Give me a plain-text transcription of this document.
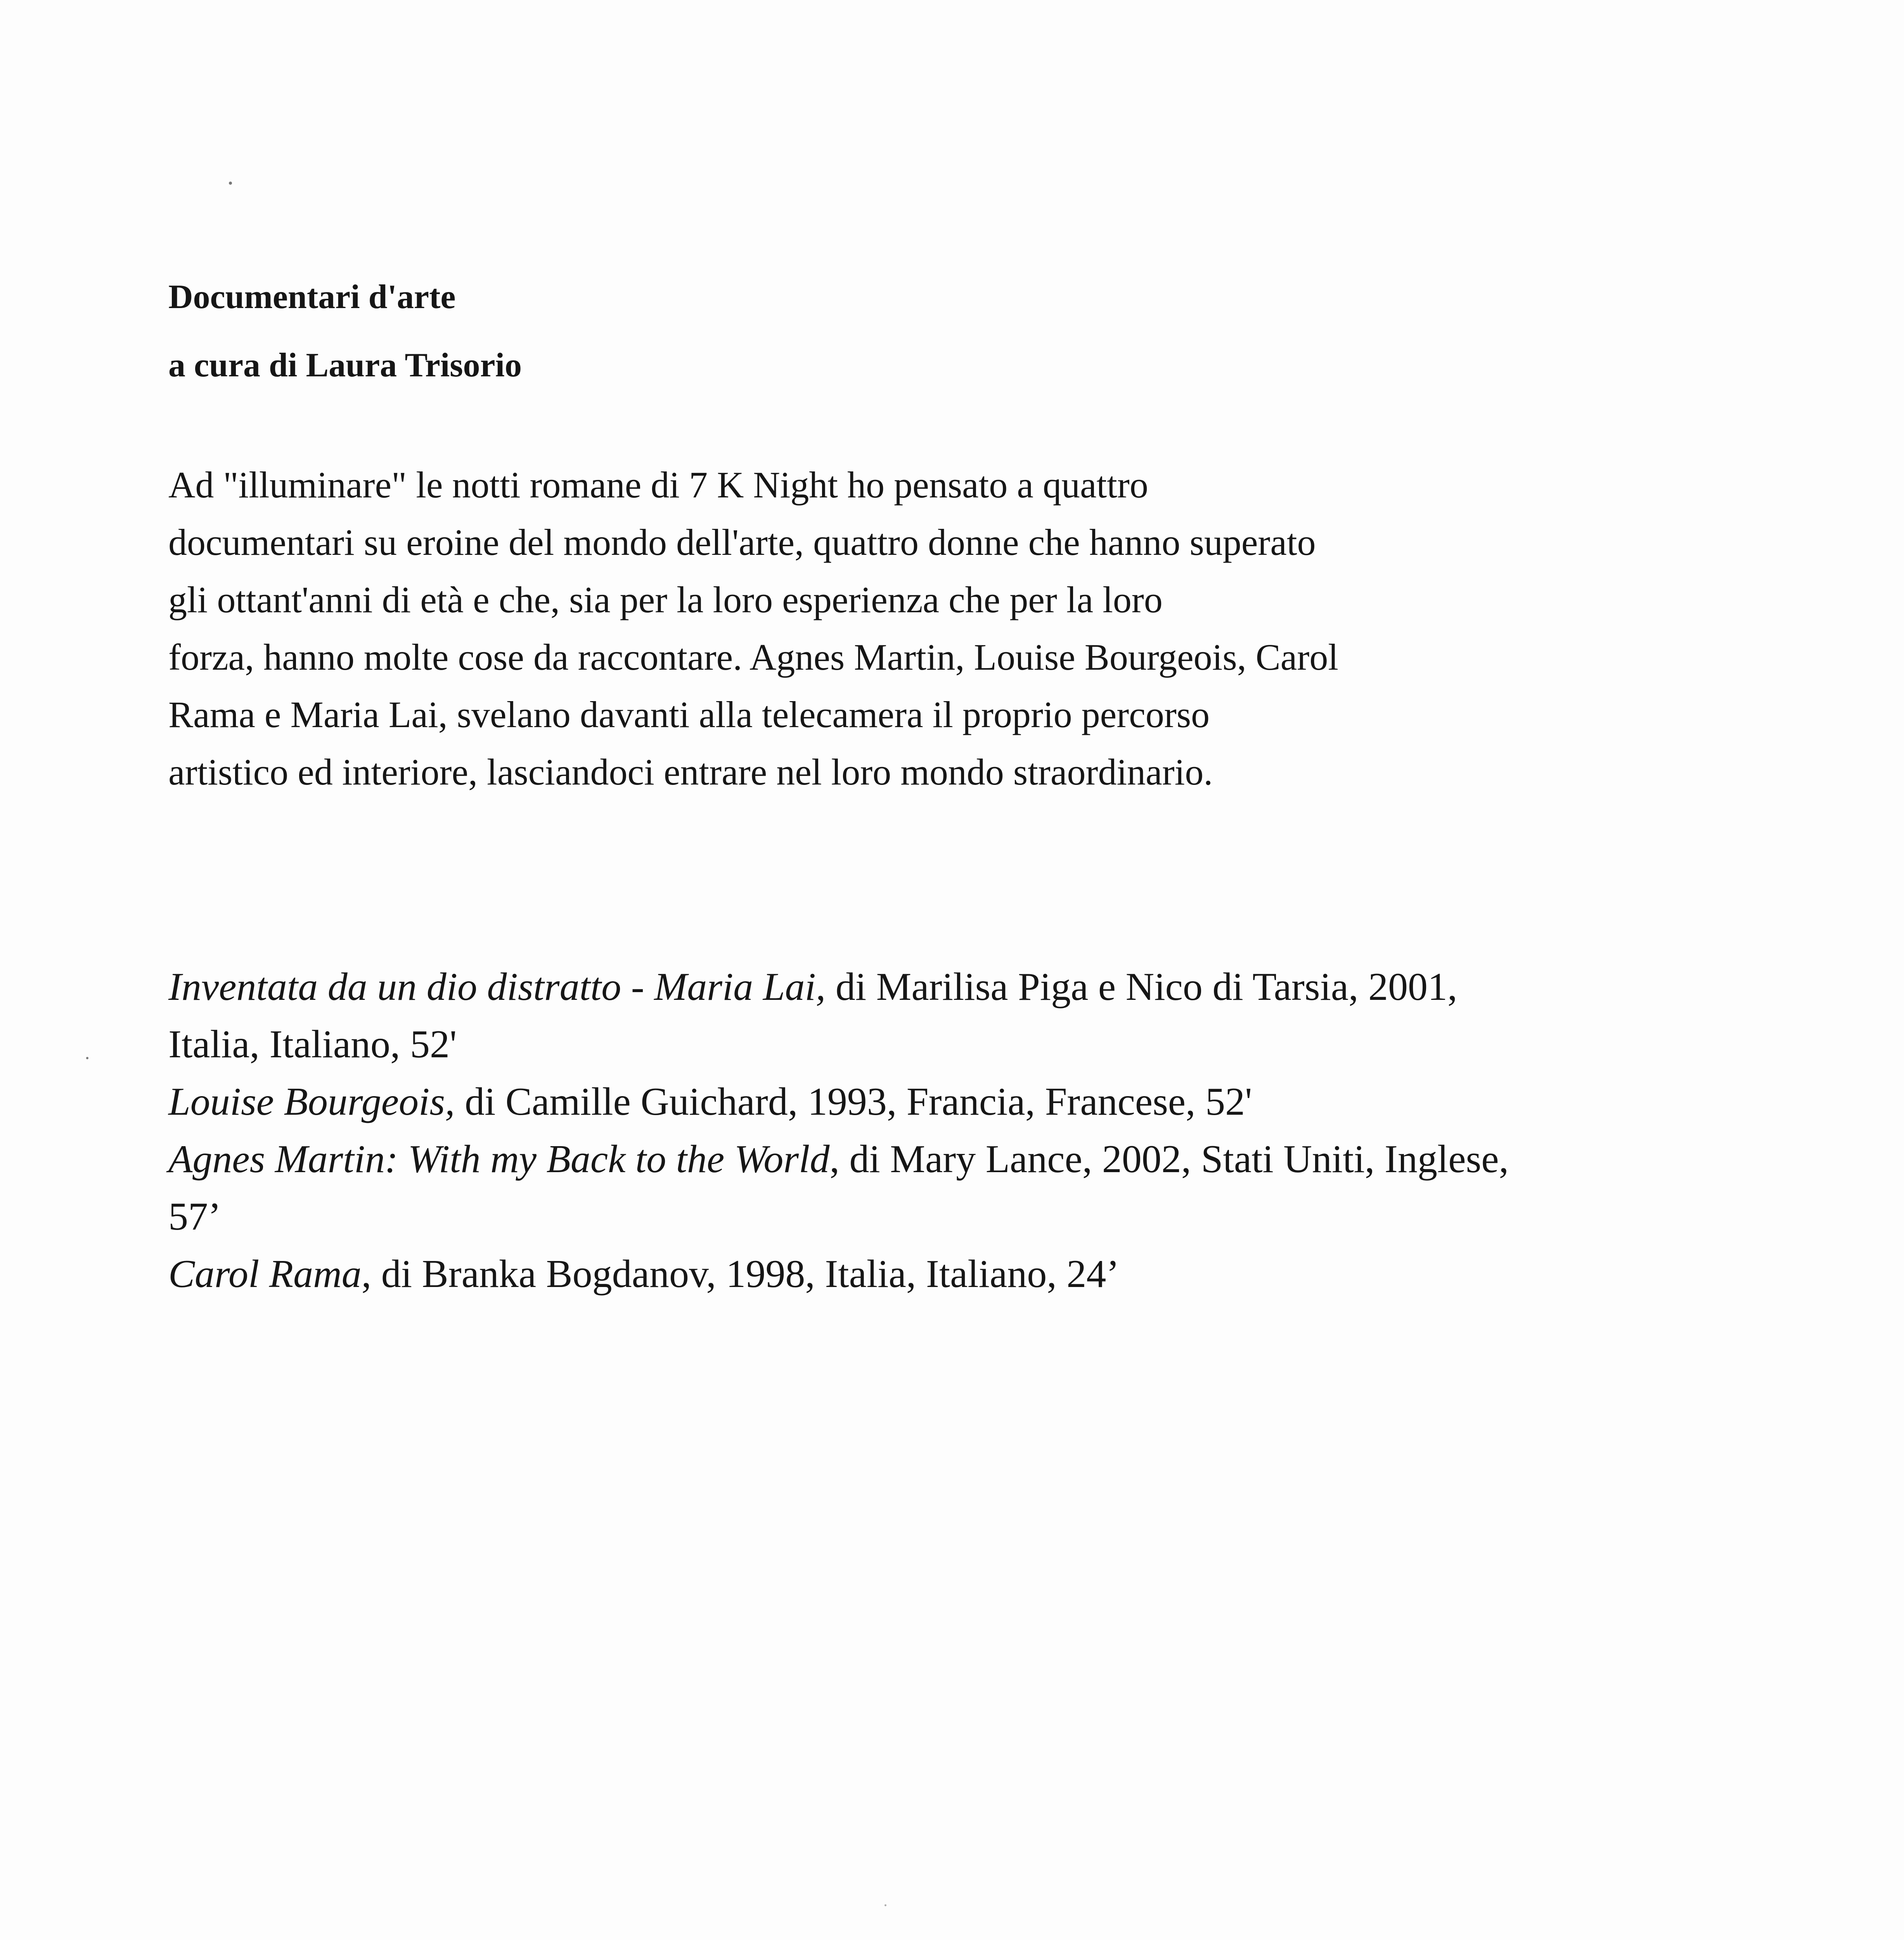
Documentari d'arte
a cura di Laura Trisorio
Ad "illuminare" le notti romane di 7 K Night ho pensato a quattro
documentari su eroine del mondo dell'arte, quattro donne che hanno superato
gli ottant'anni di età e che, sia per la loro esperienza che per la loro
forza, hanno molte cose da raccontare. Agnes Martin, Louise Bourgeois, Carol
Rama e Maria Lai, svelano davanti alla telecamera il proprio percorso
artistico ed interiore, lasciandoci entrare nel loro mondo straordinario.
Inventata da un dio distratto - Maria Lai, di Marilisa Piga e Nico di Tarsia, 2001,
Italia, Italiano, 52'
Louise Bourgeois, di Camille Guichard, 1993, Francia, Francese, 52'
Agnes Martin: With my Back to the World, di Mary Lance, 2002, Stati Uniti, Inglese,
57’
Carol Rama, di Branka Bogdanov, 1998, Italia, Italiano, 24’
